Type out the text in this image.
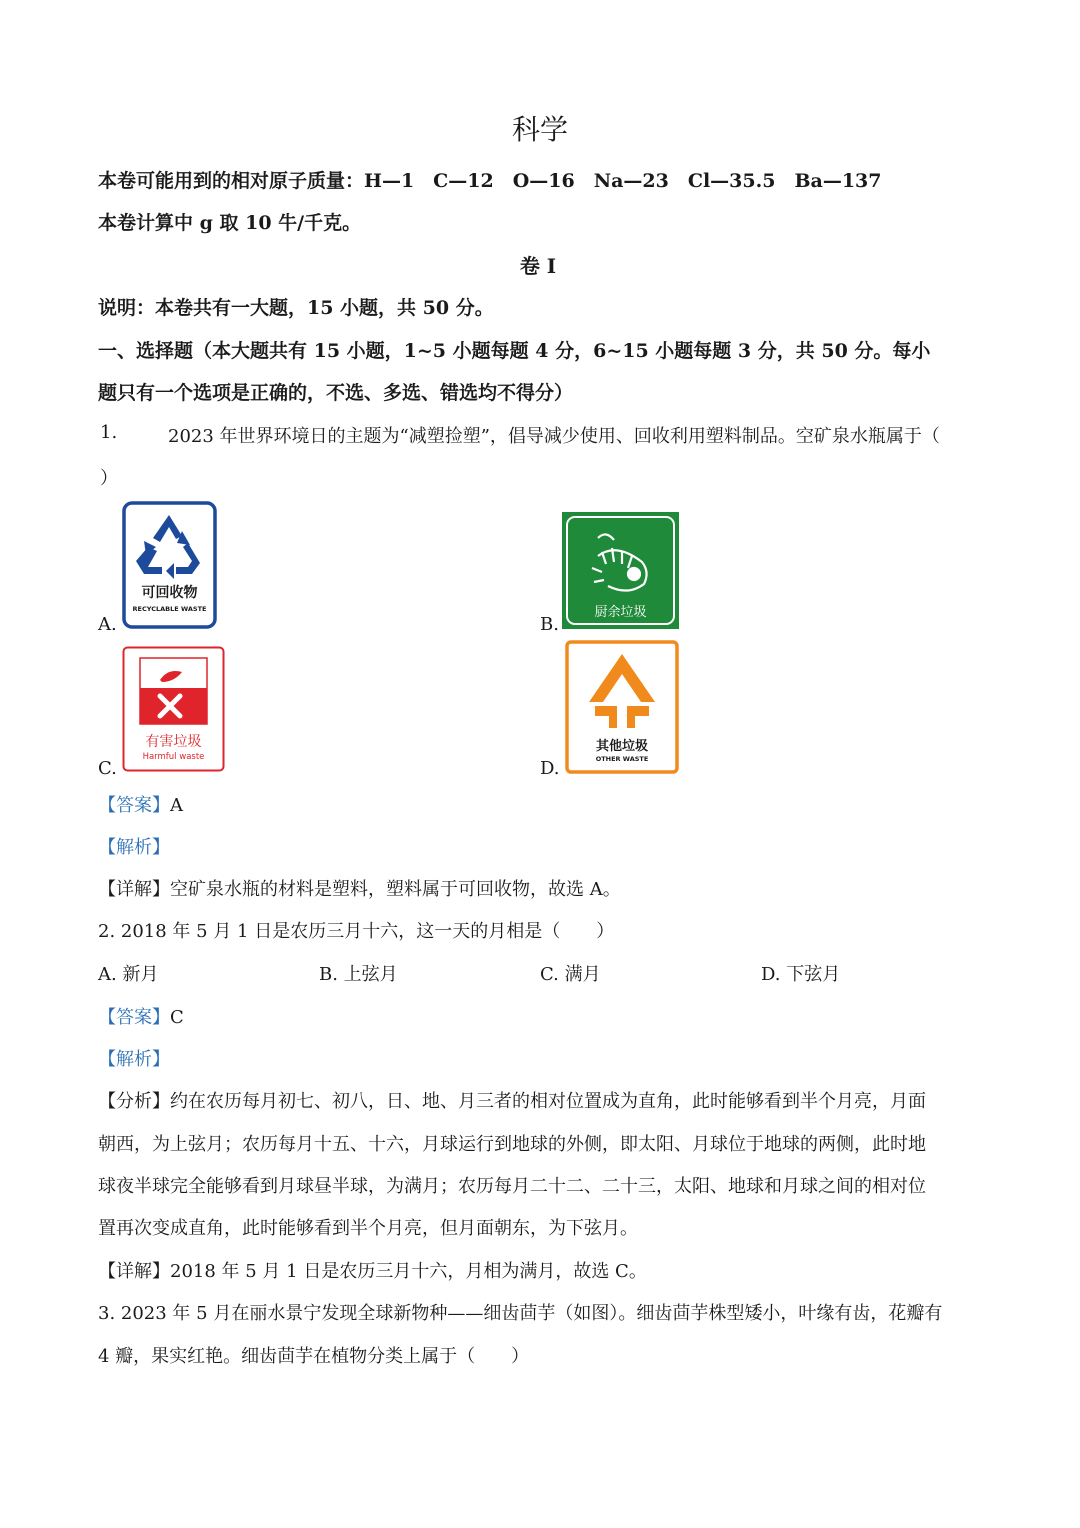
科学
本卷可能用到的相对原子质量：H—1　C—12　O—16　Na—23　Cl—35.5　Ba—137
本卷计算中 g 取 10 牛/千克。
卷 I
说明：本卷共有一大题，15 小题，共 50 分。
一、选择题（本大题共有 15 小题，1~5 小题每题 4 分，6~15 小题每题 3 分，共 50 分。每小
题只有一个选项是正确的，不选、多选、错选均不得分）
1.	2023 年世界环境日的主题为“减塑捡塑”，倡导减少使用、回收利用塑料制品。空矿泉水瓶属于（
）
A.
可回收物
RECYCLABLE WASTE
B.
厨余垃圾
C.
有害垃圾
Harmful waste
D.
其他垃圾
OTHER WASTE
【答案】A
【解析】
【详解】空矿泉水瓶的材料是塑料，塑料属于可回收物，故选 A。
2. 2018 年 5 月 1 日是农历三月十六，这一天的月相是（　　）
A. 新月	B. 上弦月	C. 满月	D. 下弦月
【答案】C
【解析】
【分析】约在农历每月初七、初八，日、地、月三者的相对位置成为直角，此时能够看到半个月亮，月面
朝西，为上弦月；农历每月十五、十六，月球运行到地球的外侧，即太阳、月球位于地球的两侧，此时地
球夜半球完全能够看到月球昼半球，为满月；农历每月二十二、二十三，太阳、地球和月球之间的相对位
置再次变成直角，此时能够看到半个月亮，但月面朝东，为下弦月。
【详解】2018 年 5 月 1 日是农历三月十六，月相为满月，故选 C。
3. 2023 年 5 月在丽水景宁发现全球新物种——细齿茴芋（如图）。细齿茴芋株型矮小，叶缘有齿，花瓣有
4 瓣，果实红艳。细齿茴芋在植物分类上属于（　　）
